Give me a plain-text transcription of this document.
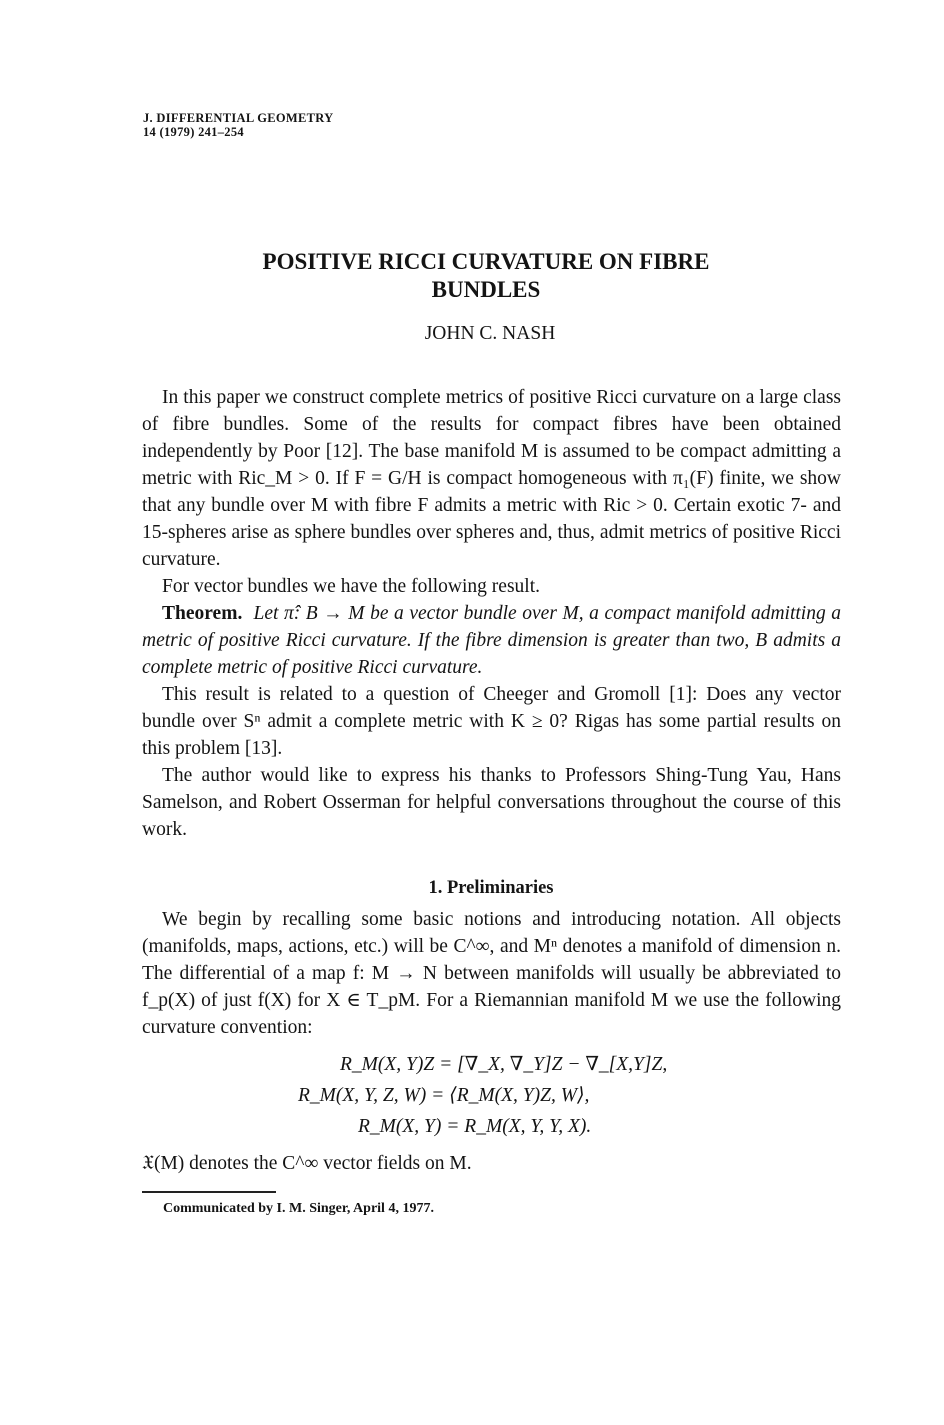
J. DIFFERENTIAL GEOMETRY
14 (1979) 241–254
POSITIVE RICCI CURVATURE ON FIBRE BUNDLES
JOHN C. NASH

In this paper we construct complete metrics of positive Ricci curvature on a large class of fibre bundles. Some of the results for compact fibres have been obtained independently by Poor [12]. The base manifold M is assumed to be compact admitting a metric with Ric_M > 0. If F = G/H is compact homogeneous with π₁(F) finite, we show that any bundle over M with fibre F admits a metric with Ric > 0. Certain exotic 7- and 15-spheres arise as sphere bundles over spheres and, thus, admit metrics of positive Ricci curvature.

For vector bundles we have the following result.

Theorem. Let π̂: B → M be a vector bundle over M, a compact manifold admitting a metric of positive Ricci curvature. If the fibre dimension is greater than two, B admits a complete metric of positive Ricci curvature.

This result is related to a question of Cheeger and Gromoll [1]: Does any vector bundle over Sⁿ admit a complete metric with K ≥ 0? Rigas has some partial results on this problem [13].

The author would like to express his thanks to Professors Shing-Tung Yau, Hans Samelson, and Robert Osserman for helpful conversations throughout the course of this work.

1. Preliminaries

We begin by recalling some basic notions and introducing notation. All objects (manifolds, maps, actions, etc.) will be C^∞, and Mⁿ denotes a manifold of dimension n. The differential of a map f: M → N between manifolds will usually be abbreviated to f_p(X) of just f(X) for X ∈ T_pM. For a Riemannian manifold M we use the following curvature convention:

R_M(X, Y)Z = [∇_X, ∇_Y]Z − ∇_[X,Y]Z,
R_M(X, Y, Z, W) = ⟨R_M(X, Y)Z, W⟩,
R_M(X, Y) = R_M(X, Y, Y, X).

𝔛(M) denotes the C^∞ vector fields on M.

Communicated by I. M. Singer, April 4, 1977.
